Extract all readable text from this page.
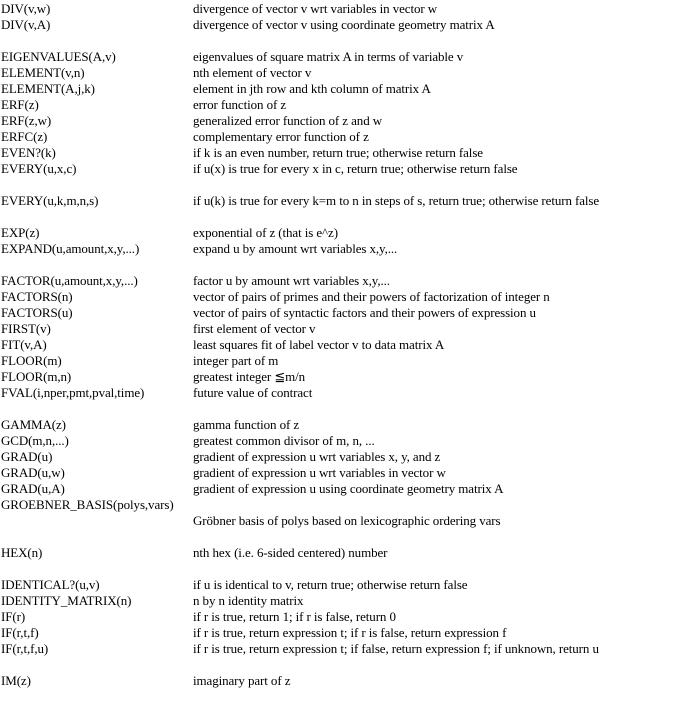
DIV(v,w)	divergence of vector v wrt variables in vector w
DIV(v,A)	divergence of vector v using coordinate geometry matrix A
EIGENVALUES(A,v)	eigenvalues of square matrix A in terms of variable v
ELEMENT(v,n)	nth element of vector v
ELEMENT(A,j,k)	element in jth row and kth column of matrix A
ERF(z)	error function of z
ERF(z,w)	generalized error function of z and w
ERFC(z)	complementary error function of z
EVEN?(k)	if k is an even number, return true; otherwise return false
EVERY(u,x,c)	if u(x) is true for every x in c, return true; otherwise return false
EVERY(u,k,m,n,s)	if u(k) is true for every k=m to n in steps of s, return true; otherwise return false
EXP(z)	exponential of z (that is e^z)
EXPAND(u,amount,x,y,...)	expand u by amount wrt variables x,y,...
FACTOR(u,amount,x,y,...)	factor u by amount wrt variables x,y,...
FACTORS(n)	vector of pairs of primes and their powers of factorization of integer n
FACTORS(u)	vector of pairs of syntactic factors and their powers of expression u
FIRST(v)	first element of vector v
FIT(v,A)	least squares fit of label vector v to data matrix A
FLOOR(m)	integer part of m
FLOOR(m,n)	greatest integer ≦m/n
FVAL(i,nper,pmt,pval,time)	future value of contract
GAMMA(z)	gamma function of z
GCD(m,n,...)	greatest common divisor of m, n, ...
GRAD(u)	gradient of expression u wrt variables x, y, and z
GRAD(u,w)	gradient of expression u wrt variables in vector w
GRAD(u,A)	gradient of expression u using coordinate geometry matrix A
GROEBNER_BASIS(polys,vars)
Gröbner basis of polys based on lexicographic ordering vars
HEX(n)	nth hex (i.e. 6-sided centered) number
IDENTICAL?(u,v)	if u is identical to v, return true; otherwise return false
IDENTITY_MATRIX(n)	n by n identity matrix
IF(r)	if r is true, return 1; if r is false, return 0
IF(r,t,f)	if r is true, return expression t; if r is false, return expression f
IF(r,t,f,u)	if r is true, return expression t; if false, return expression f; if unknown, return u
IM(z)	imaginary part of z
